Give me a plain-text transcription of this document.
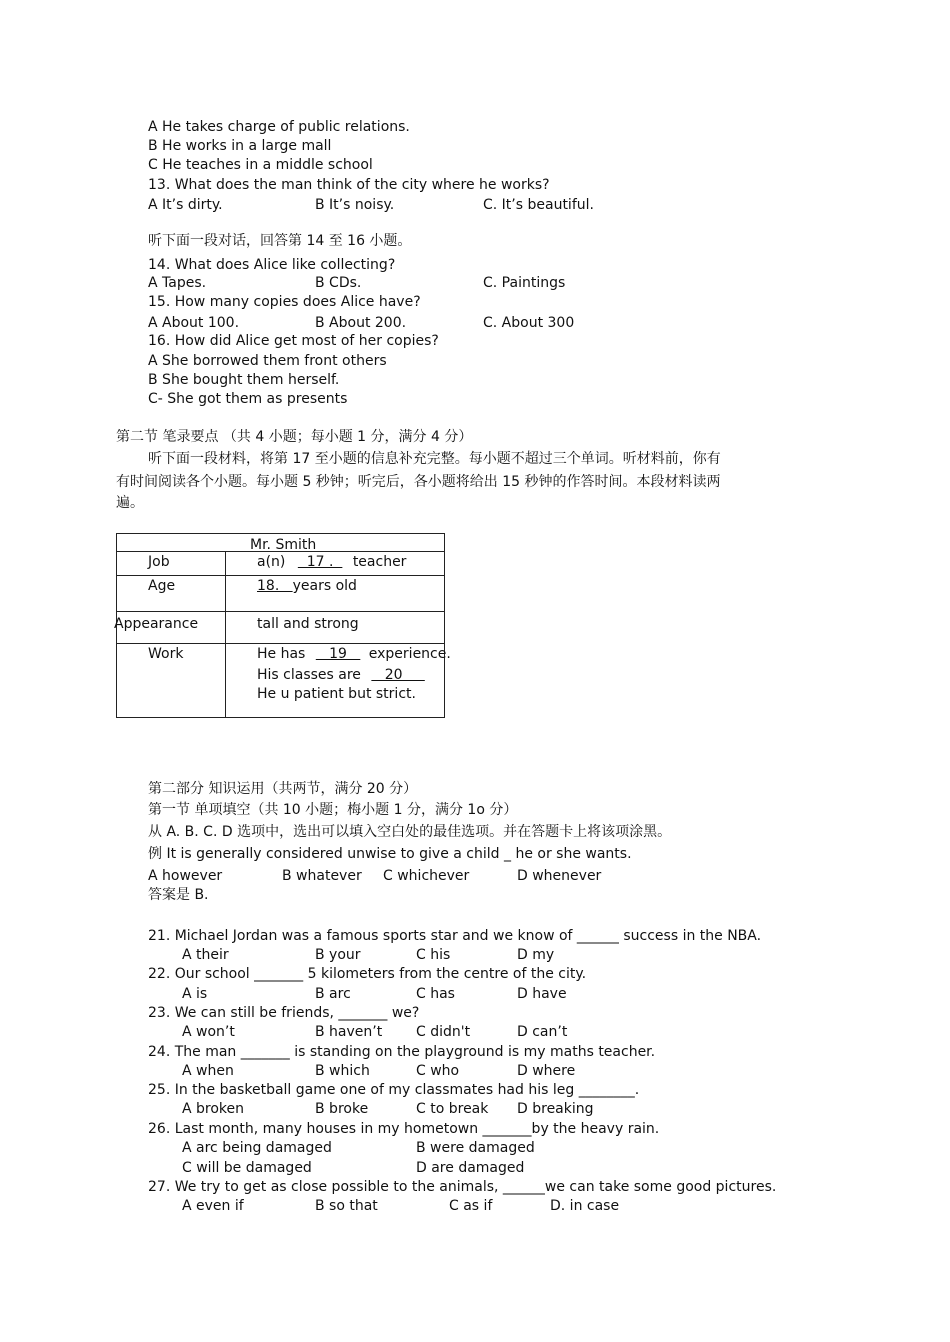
A He takes charge of public relations.
B He works in a large mall
C He teaches in a middle school
13. What does the man think of the city where he works?
A It’s dirty.	B It’s noisy.	C. It’s beautiful.
听下面一段对话，回答第 14 至 16 小题。
14. What does Alice like collecting?
A Tapes.	B CDs.	C. Paintings
15. How many copies does Alice have?
A About 100.	B About 200.	C. About 300
16. How did Alice get most of her copies?
A She borrowed them front others
B She bought them herself.
C- She got them as presents
第二节 笔录要点 （共 4 小题；每小题 1 分，满分 4 分）
听下面一段材料，将第 17 至小题的信息补充完整。每小题不超过三个单词。听材料前，你有
有时间阅读各个小题。每小题 5 秒钟；听完后，各小题将给出 15 秒钟的作答时间。本段材料读两
遍。
Mr. Smith
Job	a(n)   17 .   teacher
Age	18.   years old
Appearance	tall and strong
Work	He has    19    experience.
His classes are    20
He u patient but strict.
第二部分 知识运用（共两节，满分 20 分）
第一节 单项填空（共 10 小题；梅小题 1 分，满分 1o 分）
从 A. B. C. D 选项中，选出可以填入空白处的最佳选项。并在答题卡上将该项涂黑。
例 It is generally considered unwise to give a child _ he or she wants.
A however	B whatever C whichever	D whenever
答案是 B.
21. Michael Jordan was a famous sports star and we know of ______ success in the NBA.
A their	B your	C his	D my
22. Our school _______ 5 kilometers from the centre of the city.
A is	B arc	C has	D have
23. We can still be friends, _______ we?
A won’t	B haven’t C didn't	D can’t
24. The man _______ is standing on the playground is my maths teacher.
A when	B which	C who	D where
25. In the basketball game one of my classmates had his leg ________.
A broken	B broke	C to break D breaking
26. Last month, many houses in my hometown _______by the heavy rain.
A arc being damaged	B were damaged
C will be damaged	D are damaged
27. We try to get as close possible to the animals, ______we can take some good pictures.
A even if	B so that	C as if	D. in case
